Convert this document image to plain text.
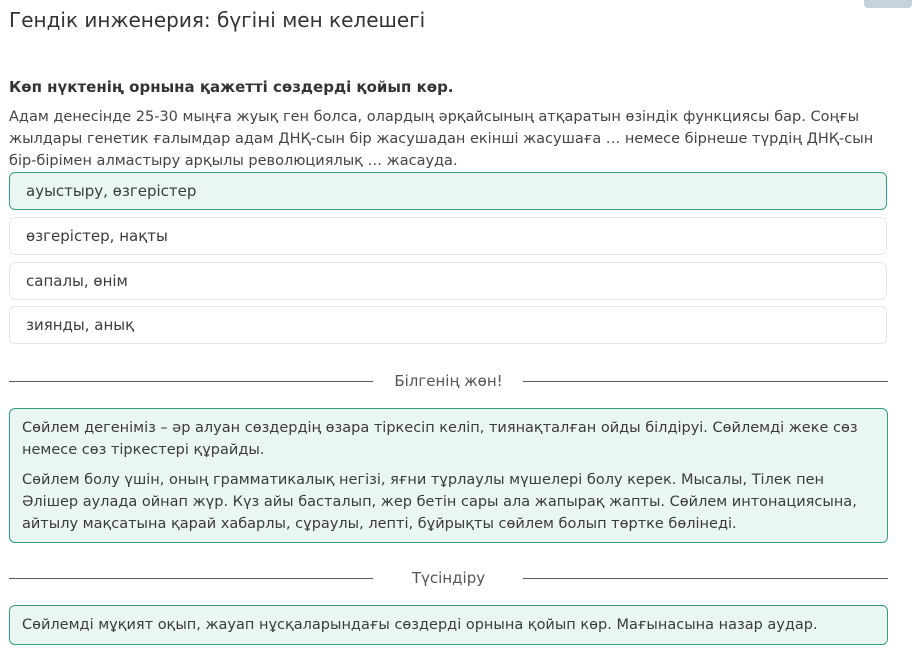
Гендік инженерия: бүгіні мен келешегі
Көп нүктенің орнына қажетті сөздерді қойып көр.

Адам денесінде 25-30 мыңға жуық ген болса, олардың әрқайсының атқаратын өзіндік функциясы бар. Соңғы жылдары генетик ғалымдар адам ДНҚ-сын бір жасушадан екінші жасушаға … немесе бірнеше түрдің ДНҚ-сын бір-бірімен алмастыру арқылы революциялық … жасауда.

ауыстыру, өзгерістер
өзгерістер, нақты
сапалы, өнім
зиянды, анық
Білгенің жөн!

Сөйлем дегеніміз – әр алуан сөздердің өзара тіркесіп келіп, тиянақталған ойды білдіруі. Сөйлемді жеке сөз немесе сөз тіркестері құрайды.

Сөйлем болу үшін, оның грамматикалық негізі, яғни тұрлаулы мүшелері болу керек. Мысалы, Тілек пен Әлішер аулада ойнап жүр. Күз айы басталып, жер бетін сары ала жапырақ жапты. Сөйлем интонациясына, айтылу мақсатына қарай хабарлы, сұраулы, лепті, бұйрықты сөйлем болып төртке бөлінеді.

Түсіндіру

Сөйлемді мұқият оқып, жауап нұсқаларындағы сөздерді орнына қойып көр. Мағынасына назар аудар.
